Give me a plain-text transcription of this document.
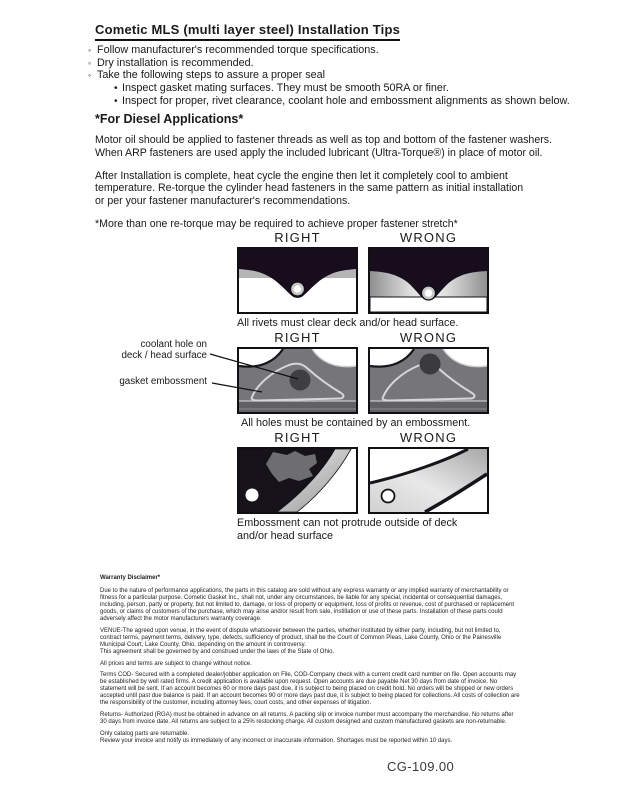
Cometic MLS (multi layer steel) Installation Tips
◦ Follow manufacturer's recommended torque specifications.
◦ Dry installation is recommended.
◦ Take the following steps to assure a proper seal
• Inspect gasket mating surfaces. They must be smooth 50RA or finer.
• Inspect for proper, rivet clearance, coolant hole and embossment alignments as shown below.
*For Diesel Applications*
Motor oil should be applied to fastener threads as well as top and bottom of the fastener washers.
When ARP fasteners are used apply the included lubricant (Ultra-Torque®) in place of motor oil.
After Installation is complete, heat cycle the engine then let it completely cool to ambient
temperature. Re-torque the cylinder head fasteners in the same pattern as initial installation
or per your fastener manufacturer's recommendations.
*More than one re-torque may be required to achieve proper fastener stretch*
RIGHT	WRONG
All rivets must clear deck and/or head surface.
RIGHT	WRONG
All holes must be contained by an embossment.
coolant hole on
deck / head surface
gasket embossment
RIGHT	WRONG
Embossment can not protrude outside of deck
and/or head surface
Warranty Disclaimer*

Due to the nature of performance applications, the parts in this catalog are sold without any express warranty or any implied warranty of merchantability or fitness for a particular purpose. Cometic Gasket Inc., shall not, under any circumstances, be liable for any special, incidental or consequential damages, including, person, party or property, but not limited to, damage, or loss of property or equipment, loss of profits or revenue, cost of purchased or replacement goods, or claims of customers of the purchase, which may arise and/or result from sale, instillation or use of these parts. Installation of these parts could adversely affect the motor manufacturers warranty coverage.

VENUE-The agreed upon venue, in the event of dispute whatsoever between the parties, whether instituted by either party, including, but not limited to, contract terms, payment terms, delivery, type, defects, sufficiency of product, shall be the Court of Common Pleas, Lake County, Ohio or the Painesville Municipal Court, Lake County, Ohio, depending on the amount in controversy.

This agreement shall be governed by and construed under the laws of the State of Ohio.

All prices and terms are subject to change without notice.

Terms COD- Secured with a completed dealer/jobber application on File, COD-Company check with a current credit card number on file. Open accounts may be established by well rated firms. A credit application is available upon request. Open accounts are due payable Net 30 days from date of invoice. No statement will be sent. If an account becomes 60 or more days past due, it is subject to being placed on credit hold. No orders will be shipped or new orders accepted until past due balance is paid. If an account becomes 90 or more days past due, it is subject to being placed for collections. All costs of collection are the responsibility of the customer, including attorney fees, court costs, and other expenses of litigation.

Returns- Authorized (RGA) must be obtained in advance on all returns. A packing slip or invoice number must accompany the merchandise. No returns after 30 days from invoice date. All returns are subject to a 25% restocking charge. All custom designed and custom manufactured gaskets are non-returnable.

Only catalog parts are returnable.

Review your invoice and notify us immediately of any incorrect or inaccurate information. Shortages must be reported within 10 days.

CG-109.00
